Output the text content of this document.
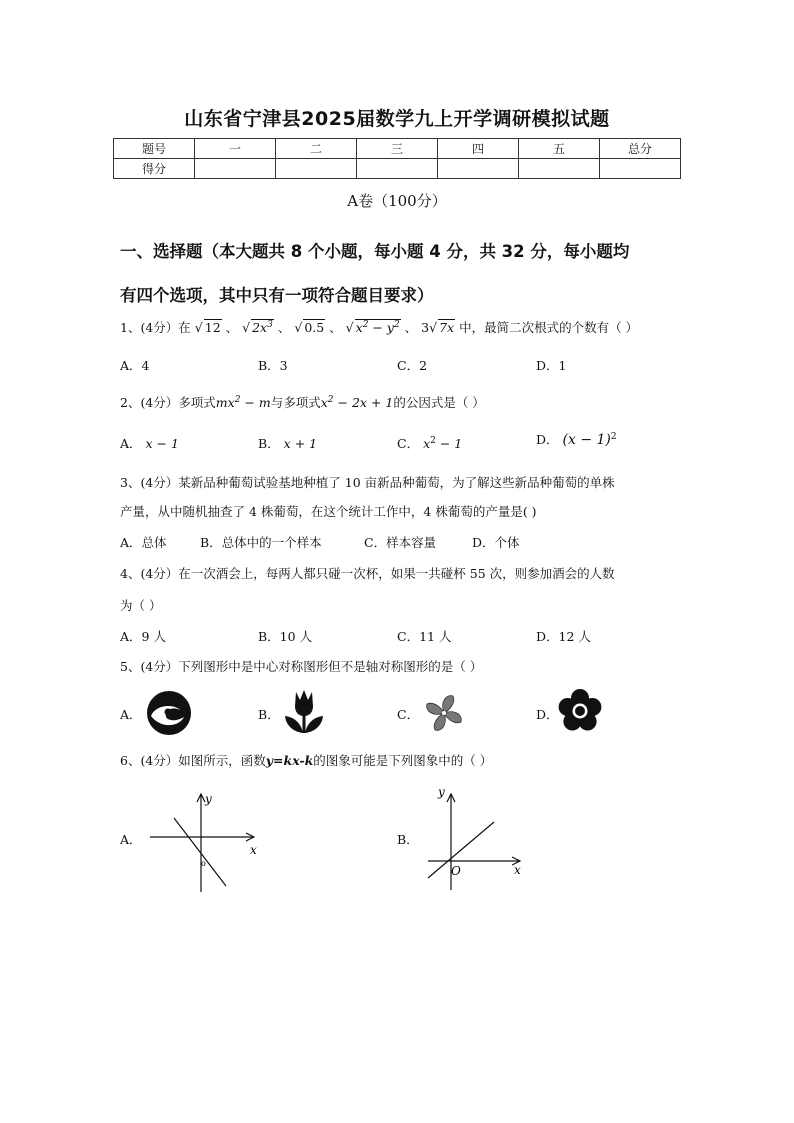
山东省宁津县2025届数学九上开学调研模拟试题
题号	一	二	三	四	五	总分
得分						
A卷（100分）
一、选择题（本大题共 8 个小题，每小题 4 分，共 32 分，每小题均
有四个选项，其中只有一项符合题目要求）
1、(4分）在 √ 12 、 √ $2x^3$ 、 √ 0.5 、 √ $x^2 - y^2$ 、 3√ 7x 中，最简二次根式的个数有（ ）
A．4	B．3	C．2	D．1
2、(4分）多项式$mx^2 - m$与多项式$x^2 - 2x + 1$的公因式是（ ）
A． x − 1	B． x + 1	C． $x^2 - 1$	D． $(x - 1)^2$
3、(4分）某新品种葡萄试验基地种植了 10 亩新品种葡萄，为了解这些新品种葡萄的单株
产量，从中随机抽查了 4 株葡萄，在这个统计工作中，4 株葡萄的产量是( )
A．总体	B．总体中的一个样本	C．样本容量	D．个体
4、(4分）在一次酒会上，每两人都只碰一次杯，如果一共碰杯 55 次，则参加酒会的人数
为（ ）
A．9 人	B．10 人	C．11 人	D．12 人
5、(4分）下列图形中是中心对称图形但不是轴对称图形的是（ ）
A．	B．	C．	D．
6、(4分）如图所示，函数y=kx-k的图象可能是下列图象中的（ ）
A．
x
y
o
B．
x
y
O
